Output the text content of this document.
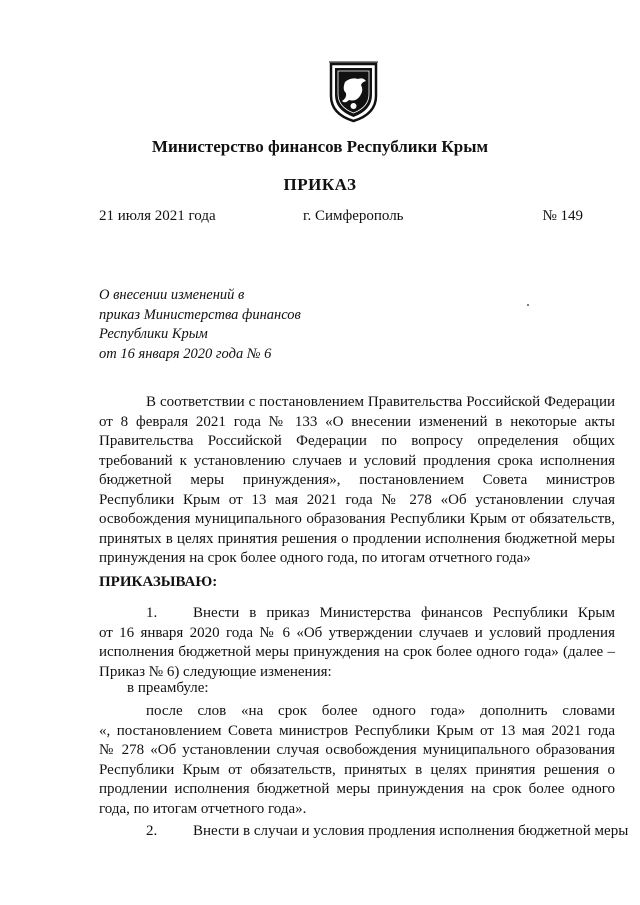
Министерство финансов Республики Крым
ПРИКАЗ
21 июля 2021 года	г. Симферополь	№ 149
О внесении изменений в
приказ Министерства финансов
Республики Крым
от 16 января 2020 года № 6
В соответствии с постановлением Правительства Российской Федерации
от 8 февраля 2021 года № 133 «О внесении изменений в некоторые акты
Правительства Российской Федерации по вопросу определения общих
требований к установлению случаев и условий продления срока исполнения
бюджетной меры принуждения», постановлением Совета министров
Республики Крым от 13 мая 2021 года № 278 «Об установлении случая
освобождения муниципального образования Республики Крым от обязательств,
принятых в целях принятия решения о продлении исполнения бюджетной меры
принуждения на срок более одного года, по итогам отчетного года»
ПРИКАЗЫВАЮ:
1. Внести в приказ Министерства финансов Республики Крым
от 16 января 2020 года № 6 «Об утверждении случаев и условий продления
исполнения бюджетной меры принуждения на срок более одного года» (далее –
Приказ № 6) следующие изменения:
в преамбуле:
после слов «на срок более одного года» дополнить словами
«, постановлением Совета министров Республики Крым от 13 мая 2021 года
№ 278 «Об установлении случая освобождения муниципального образования
Республики Крым от обязательств, принятых в целях принятия решения о
продлении исполнения бюджетной меры принуждения на срок более одного
года, по итогам отчетного года».
2. Внести в случаи и условия продления исполнения бюджетной меры
